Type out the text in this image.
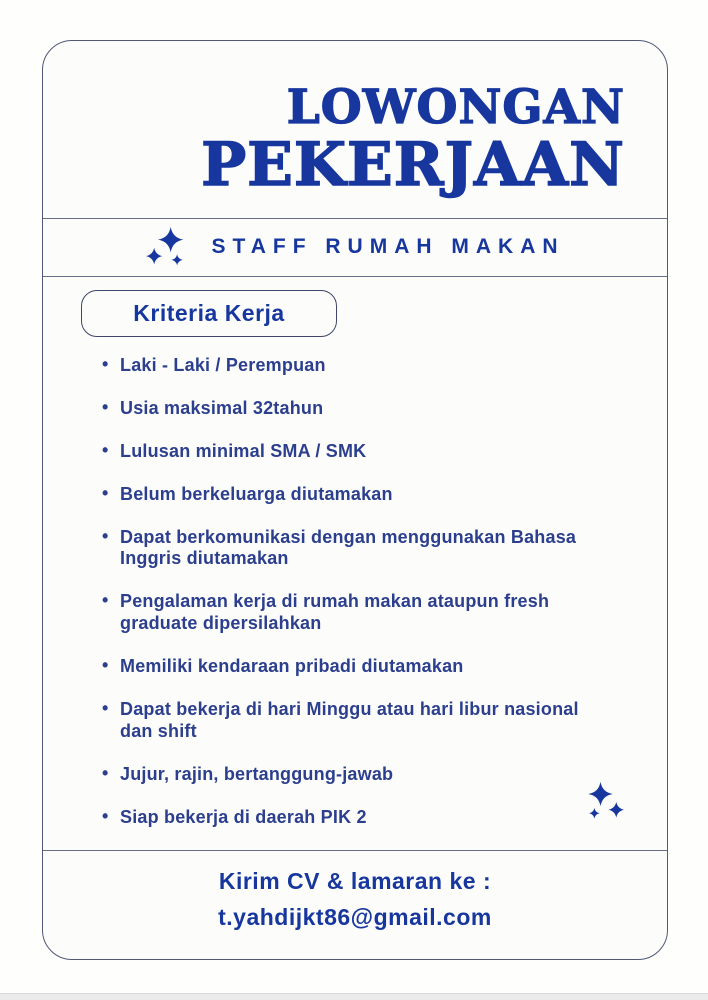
LOWONGAN
PEKERJAAN
STAFF RUMAH MAKAN
Kriteria Kerja
• Laki - Laki / Perempuan
• Usia maksimal 32tahun
• Lulusan minimal SMA / SMK
• Belum berkeluarga diutamakan
• Dapat berkomunikasi dengan menggunakan Bahasa Inggris diutamakan
• Pengalaman kerja di rumah makan ataupun fresh graduate dipersilahkan
• Memiliki kendaraan pribadi diutamakan
• Dapat bekerja di hari Minggu atau hari libur nasional dan shift
• Jujur, rajin, bertanggung-jawab
• Siap bekerja di daerah PIK 2
Kirim CV & lamaran ke :
t.yahdijkt86@gmail.com
